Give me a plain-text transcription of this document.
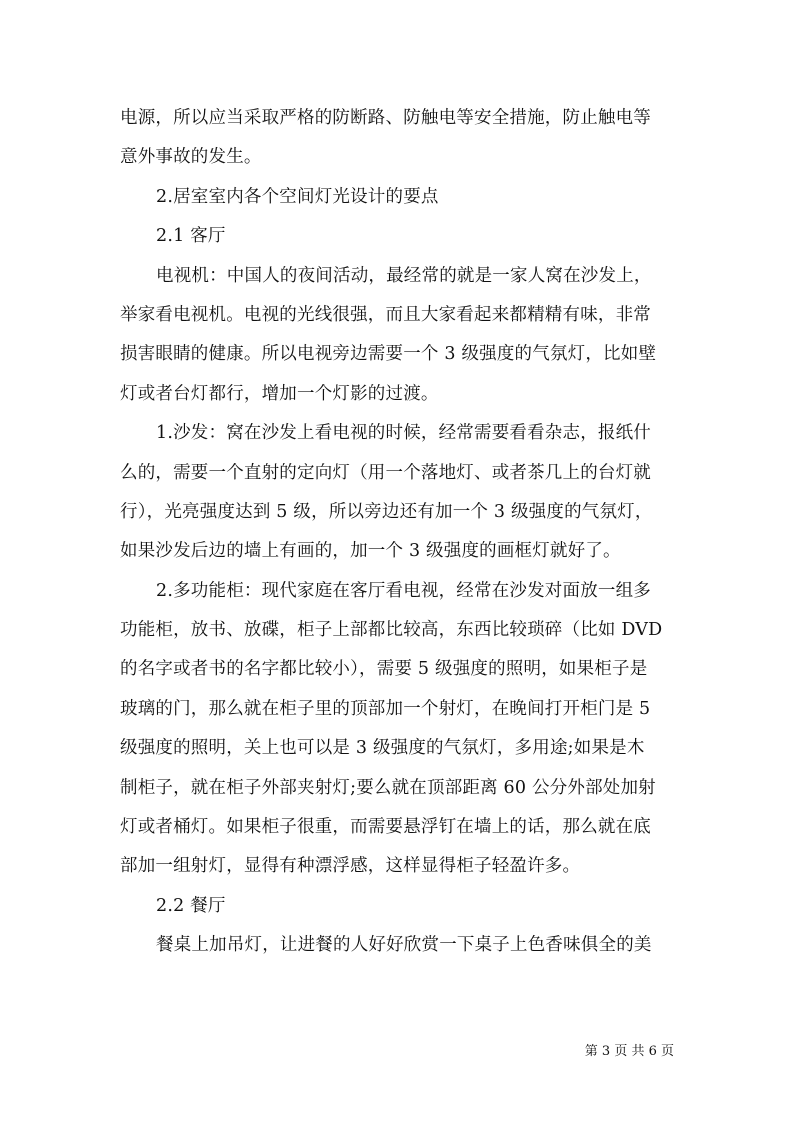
电源，所以应当采取严格的防断路、防触电等安全措施，防止触电等
意外事故的发生。
2.居室室内各个空间灯光设计的要点
2.1 客厅
电视机：中国人的夜间活动，最经常的就是一家人窝在沙发上，
举家看电视机。电视的光线很强，而且大家看起来都精精有味，非常
损害眼睛的健康。所以电视旁边需要一个 3 级强度的气氛灯，比如壁
灯或者台灯都行，增加一个灯影的过渡。
1.沙发：窝在沙发上看电视的时候，经常需要看看杂志，报纸什
么的，需要一个直射的定向灯（用一个落地灯、或者茶几上的台灯就
行），光亮强度达到 5 级，所以旁边还有加一个 3 级强度的气氛灯，
如果沙发后边的墙上有画的，加一个 3 级强度的画框灯就好了。
2.多功能柜：现代家庭在客厅看电视，经常在沙发对面放一组多
功能柜，放书、放碟，柜子上部都比较高，东西比较琐碎（比如 DVD
的名字或者书的名字都比较小），需要 5 级强度的照明，如果柜子是
玻璃的门，那么就在柜子里的顶部加一个射灯，在晚间打开柜门是 5
级强度的照明，关上也可以是 3 级强度的气氛灯，多用途;如果是木
制柜子，就在柜子外部夹射灯;要么就在顶部距离 60 公分外部处加射
灯或者桶灯。如果柜子很重，而需要悬浮钉在墙上的话，那么就在底
部加一组射灯，显得有种漂浮感，这样显得柜子轻盈许多。
2.2 餐厅
餐桌上加吊灯，让进餐的人好好欣赏一下桌子上色香味俱全的美
第 3 页 共 6 页
